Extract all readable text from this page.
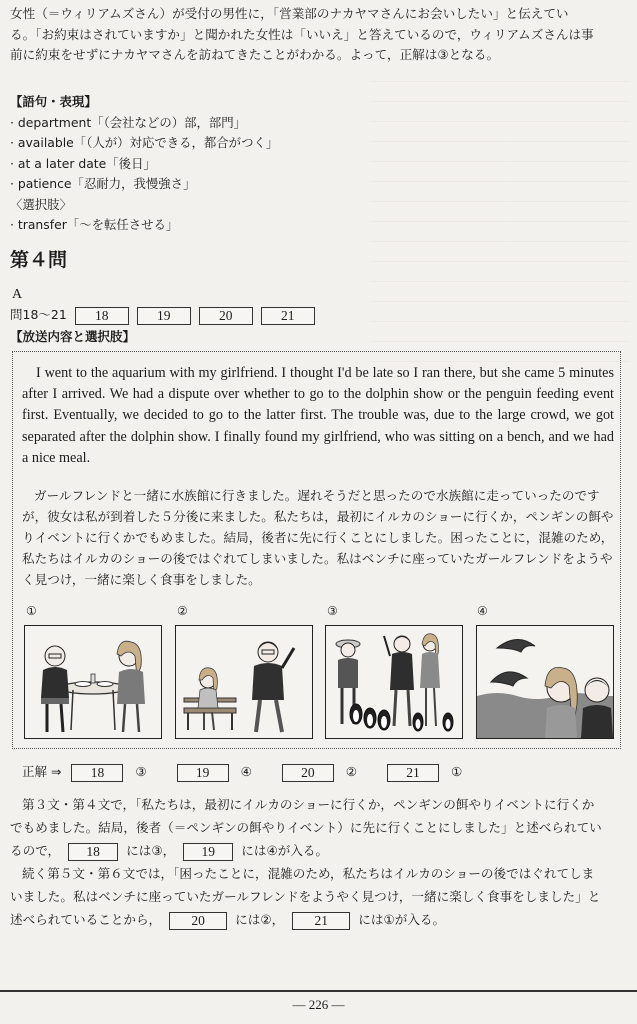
女性（＝ウィリアムズさん）が受付の男性に，「営業部のナカヤマさんにお会いしたい」と伝えてい
る。「お約束はされていますか」と聞かれた女性は「いいえ」と答えているので，ウィリアムズさんは事
前に約束をせずにナカヤマさんを訪ねてきたことがわかる。よって，正解は③となる。
【語句・表現】
· department「（会社などの）部，部門」
· available「（人が）対応できる，都合がつく」
· at a later date「後日」
· patience「忍耐力，我慢強さ」
〈選択肢〉
· transfer「～を転任させる」
第４問
A
問18～21 18	19	20	21
【放送内容と選択肢】
I went to the aquarium with my girlfriend. I thought I'd be late so I ran there, but she came 5 minutes after I arrived. We had a dispute over whether to go to the dolphin show or the penguin feeding event first. Eventually, we decided to go to the latter first. The trouble was, due to the large crowd, we got separated after the dolphin show. I finally found my girlfriend, who was sitting on a bench, and we had a nice meal.
ガールフレンドと一緒に水族館に行きました。遅れそうだと思ったので水族館に走っていったのですが，彼女は私が到着した５分後に来ました。私たちは，最初にイルカのショーに行くか，ペンギンの餌やりイベントに行くかでもめました。結局，後者に先に行くことにしました。困ったことに，混雑のため，私たちはイルカのショーの後ではぐれてしまいました。私はベンチに座っていたガールフレンドをようやく見つけ，一緒に楽しく食事をしました。
①	②	③	④
正解 ⇒ 18 ③	19 ④	20 ②	21 ①
第３文・第４文で，「私たちは，最初にイルカのショーに行くか，ペンギンの餌やりイベントに行くか
でもめました。結局，後者（＝ペンギンの餌やりイベント）に先に行くことにしました」と述べられてい
るので， 18 には③， 19 には④が入る。
続く第５文・第６文では，「困ったことに，混雑のため，私たちはイルカのショーの後ではぐれてしま
いました。私はベンチに座っていたガールフレンドをようやく見つけ，一緒に楽しく食事をしました」と
述べられていることから， 20 には②， 21 には①が入る。
― 226 ―
